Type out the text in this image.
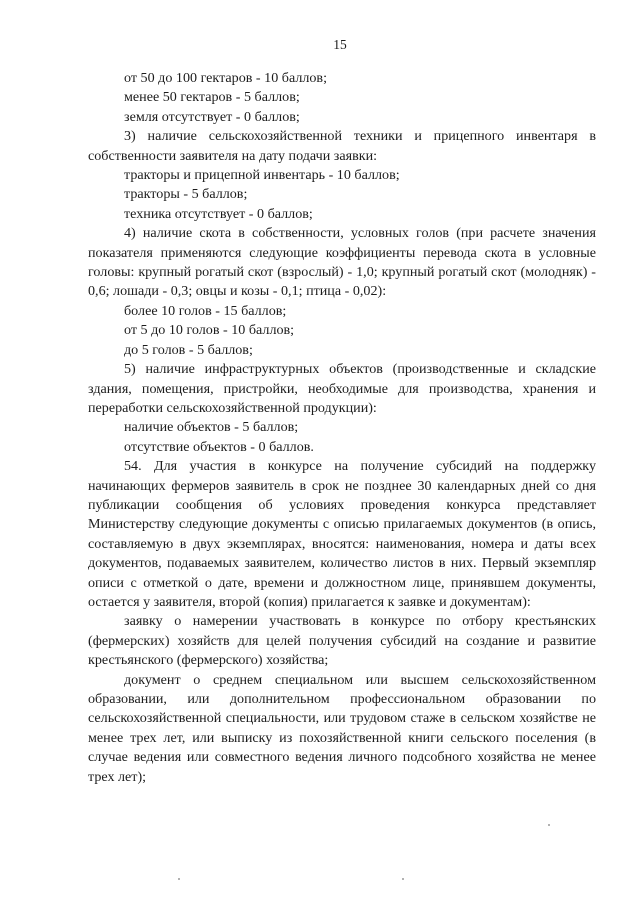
15

от 50 до 100 гектаров - 10 баллов;

менее 50 гектаров - 5 баллов;

земля отсутствует - 0 баллов;

3) наличие сельскохозяйственной техники и прицепного инвентаря в собственности заявителя на дату подачи заявки:

тракторы и прицепной инвентарь - 10 баллов;

тракторы - 5 баллов;

техника отсутствует - 0 баллов;

4) наличие скота в собственности, условных голов (при расчете значения показателя применяются следующие коэффициенты перевода скота в условные головы: крупный рогатый скот (взрослый) - 1,0; крупный рогатый скот (молодняк) - 0,6; лошади - 0,3; овцы и козы - 0,1; птица - 0,02):

более 10 голов - 15 баллов;

от 5 до 10 голов - 10 баллов;

до 5 голов - 5 баллов;

5) наличие инфраструктурных объектов (производственные и складские здания, помещения, пристройки, необходимые для производства, хранения и переработки сельскохозяйственной продукции):

наличие объектов - 5 баллов;

отсутствие объектов - 0 баллов.

54. Для участия в конкурсе на получение субсидий на поддержку начинающих фермеров заявитель в срок не позднее 30 календарных дней со дня публикации сообщения об условиях проведения конкурса представляет Министерству следующие документы с описью прилагаемых документов (в опись, составляемую в двух экземплярах, вносятся: наименования, номера и даты всех документов, подаваемых заявителем, количество листов в них. Первый экземпляр описи с отметкой о дате, времени и должностном лице, принявшем документы, остается у заявителя, второй (копия) прилагается к заявке и документам):

заявку о намерении участвовать в конкурсе по отбору крестьянских (фермерских) хозяйств для целей получения субсидий на создание и развитие крестьянского (фермерского) хозяйства;

документ о среднем специальном или высшем сельскохозяйственном образовании, или дополнительном профессиональном образовании по сельскохозяйственной специальности, или трудовом стаже в сельском хозяйстве не менее трех лет, или выписку из похозяйственной книги сельского поселения (в случае ведения или совместного ведения личного подсобного хозяйства не менее трех лет);
